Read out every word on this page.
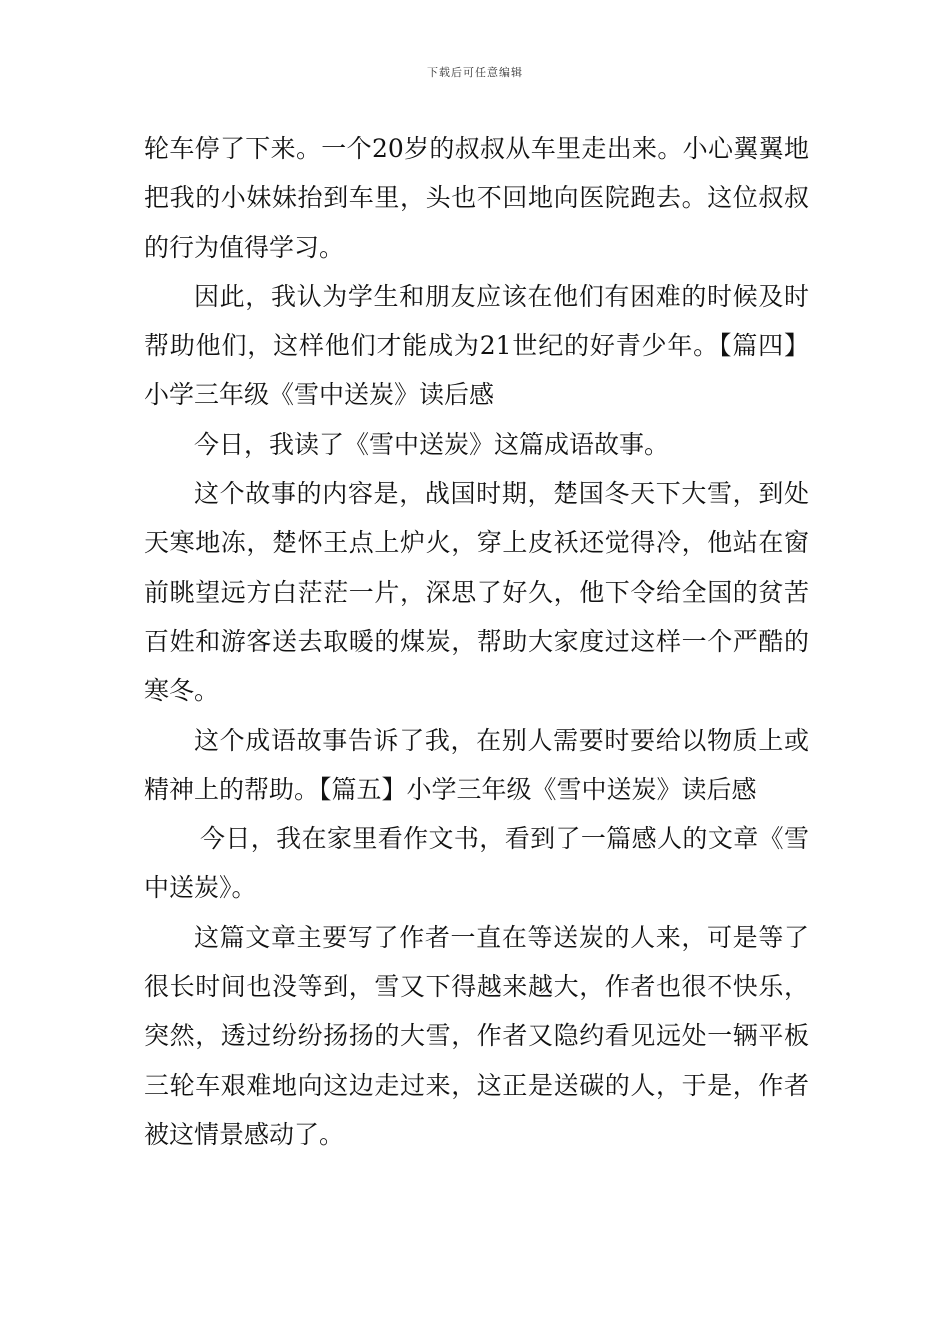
下载后可任意编辑

轮车停了下来。一个20岁的叔叔从车里走出来。小心翼翼地把我的小妹妹抬到车里，头也不回地向医院跑去。这位叔叔的行为值得学习。

因此，我认为学生和朋友应该在他们有困难的时候及时帮助他们，这样他们才能成为21世纪的好青少年。【篇四】小学三年级《雪中送炭》读后感

今日，我读了《雪中送炭》这篇成语故事。

这个故事的内容是，战国时期，楚国冬天下大雪，到处天寒地冻，楚怀王点上炉火，穿上皮袄还觉得冷，他站在窗前眺望远方白茫茫一片，深思了好久，他下令给全国的贫苦百姓和游客送去取暖的煤炭，帮助大家度过这样一个严酷的寒冬。

这个成语故事告诉了我，在别人需要时要给以物质上或精神上的帮助。【篇五】小学三年级《雪中送炭》读后感

今日，我在家里看作文书，看到了一篇感人的文章《雪中送炭》。

这篇文章主要写了作者一直在等送炭的人来，可是等了很长时间也没等到，雪又下得越来越大，作者也很不快乐，突然，透过纷纷扬扬的大雪，作者又隐约看见远处一辆平板三轮车艰难地向这边走过来，这正是送碳的人，于是，作者被这情景感动了。
